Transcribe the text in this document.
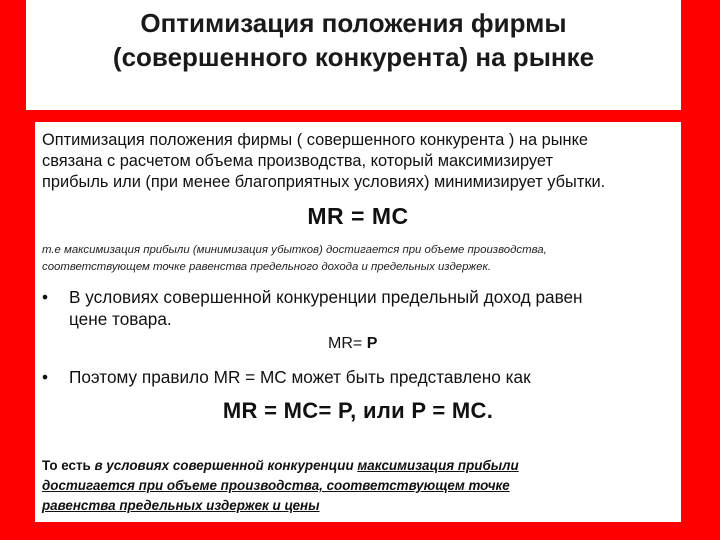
Оптимизация положения фирмы
(совершенного конкурента) на рынке

Оптимизация положения фирмы ( совершенного конкурента ) на рынке
связана с расчетом объема производства, который максимизирует
прибыль или (при менее благоприятных условиях) минимизирует убытки.

MR = MC

т.е максимизация прибыли (минимизация убытков) достигается при объеме производства,
соответствующем точке равенства предельного дохода и предельных издержек.

• В условиях совершенной конкуренции предельный доход равен
цене товара.

MR= P

• Поэтому правило MR = MC может быть представлено как

MR = MC= P, или P = MC.

То есть в условиях совершенной конкуренции максимизация прибыли
достигается при объеме производства, соответствующем точке
равенства предельных издержек и цены
